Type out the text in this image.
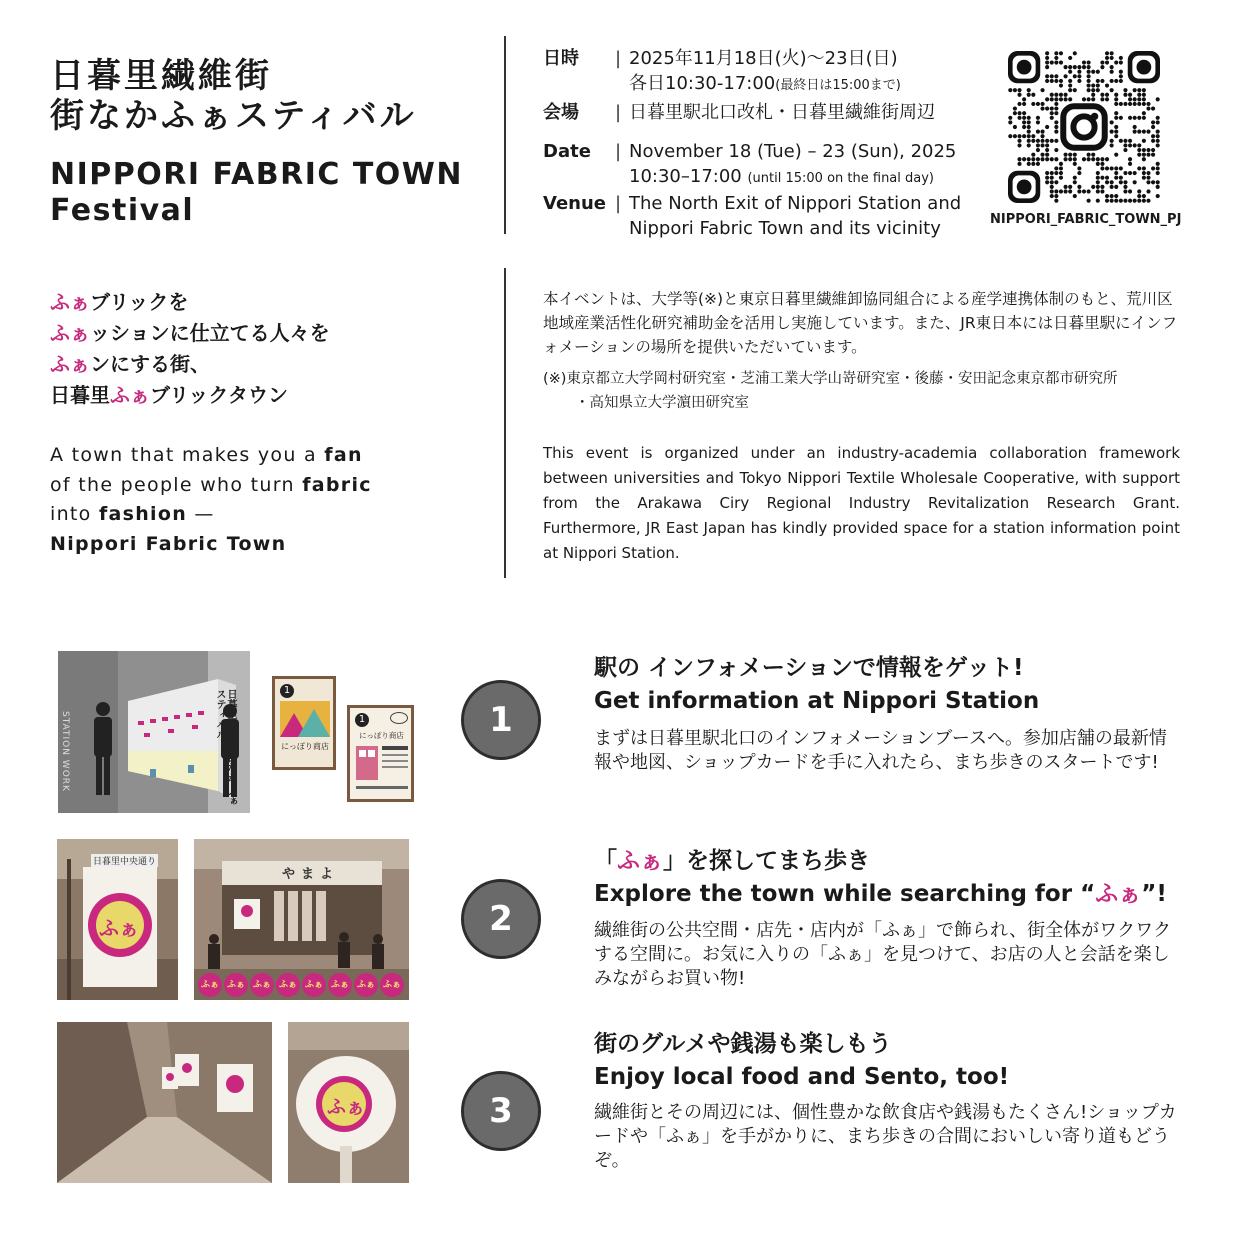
日暮里繊維街
街なかふぁスティバル
NIPPORI FABRIC TOWN
Festival
日時	| 2025年11月18日(火)〜23日(日)
各日10:30-17:00(最終日は15:00まで)
会場	| 日暮里駅北口改札・日暮里繊維街周辺
Date	| November 18 (Tue) – 23 (Sun), 2025
10:30–17:00 (until 15:00 on the final day)
Venue | The North Exit of Nippori Station and
Nippori Fabric Town and its vicinity	NIPPORI_FABRIC_TOWN_PJ
ふぁブリックを
ふぁッションに仕立てる人々を
ふぁンにする街、
日暮里ふぁブリックタウン
A town that makes you a fan
of the people who turn fabric
into fashion —
Nippori Fabric Town
本イベントは、大学等(※)と東京日暮里繊維卸協同組合による産学連携体制のもと、荒川区地域産業活性化研究補助金を活用し実施しています。また、JR東日本には日暮里駅にインフォメーションの場所を提供いただいています。
(※)東京都立大学岡村研究室・芝浦工業大学山嵜研究室・後藤・安田記念東京都市研究所
・高知県立大学濵田研究室
This event is organized under an industry-academia collaboration framework between universities and Tokyo Nippori Textile Wholesale Cooperative, with support from the Arakawa Ciry Regional Industry Revitalization Research Grant. Furthermore, JR East Japan has kindly provided space for a station information point at Nippori Station.
STATION WORK	日暮里繊維街 街なか ふぁスティバル	1
にっぽり商店
1
にっぽり商店	1
駅の インフォメーションで情報をゲット!
Get information at Nippori Station
まずは日暮里駅北口のインフォメーションブースへ。参加店舗の最新情報や地図、ショップカードを手に入れたら、まち歩きのスタートです!
日暮里中央通り
ふぁ
やまよ
ふぁ ふぁ ふぁ ふぁ ふぁ ふぁ ふぁ ふぁ
2
「ふぁ」を探してまち歩き
Explore the town while searching for “ふぁ”!
繊維街の公共空間・店先・店内が「ふぁ」で飾られ、街全体がワクワクする空間に。お気に入りの「ふぁ」を見つけて、お店の人と会話を楽しみながらお買い物!
ふぁ	3
街のグルメや銭湯も楽しもう
Enjoy local food and Sento, too!
繊維街とその周辺には、個性豊かな飲食店や銭湯もたくさん!ショップカードや「ふぁ」を手がかりに、まち歩きの合間においしい寄り道もどうぞ。
